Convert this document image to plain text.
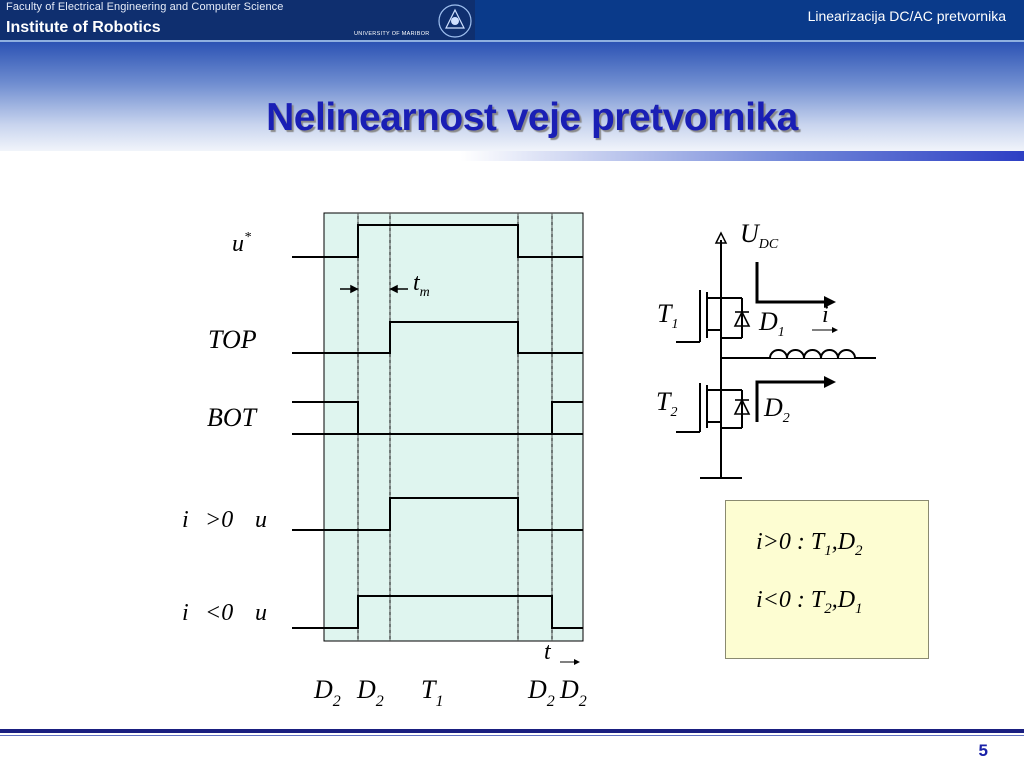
Faculty of Electrical Engineering and Computer Science
Institute of Robotics	UNIVERSITY OF MARIBOR
Linearizacija DC/AC pretvornika
Nelinearnost veje pretvornika
u*
$t_m$
TOP
BOT
i >0 u
i <0 u
t
$D_2$ $D_2$ $T_1$	$D_2$ $D_2$
$U_{DC}$
$T_1$	$D_1$
i
$T_2$	$D_2$
i>0 : $T_1,D_2$
i<0 : $T_2,D_1$
5
